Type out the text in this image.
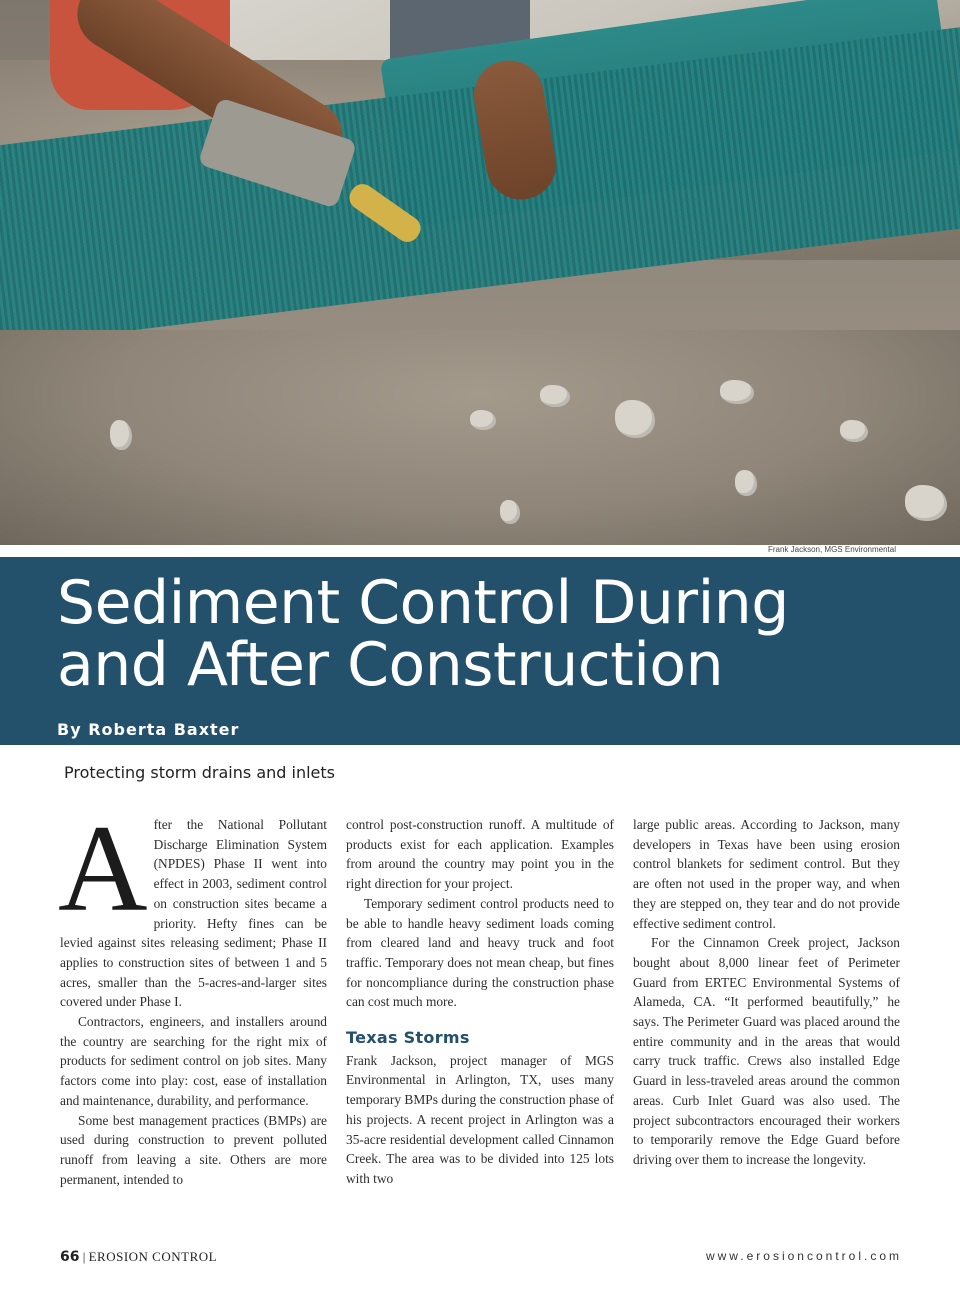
Frank Jackson, MGS Environmental
Sediment Control During
and After Construction
By Roberta Baxter
Protecting storm drains and inlets

After the National Pollutant Discharge Elimination System (NPDES) Phase II went into effect in 2003, sediment control on construction sites became a priority. Hefty fines can be levied against sites releasing sediment; Phase II applies to construction sites of between 1 and 5 acres, smaller than the 5-acres-and-larger sites covered under Phase I.

Contractors, engineers, and installers around the country are searching for the right mix of products for sediment control on job sites. Many factors come into play: cost, ease of installation and maintenance, durability, and performance.

Some best management practices (BMPs) are used during construction to prevent polluted runoff from leaving a site. Others are more permanent, intended to

control post-construction runoff. A multitude of products exist for each application. Examples from around the country may point you in the right direction for your project.

Temporary sediment control products need to be able to handle heavy sediment loads coming from cleared land and heavy truck and foot traffic. Temporary does not mean cheap, but fines for noncompliance during the construction phase can cost much more.

Texas Storms

Frank Jackson, project manager of MGS Environmental in Arlington, TX, uses many temporary BMPs during the construction phase of his projects. A recent project in Arlington was a 35-acre residential development called Cinnamon Creek. The area was to be divided into 125 lots with two

large public areas. According to Jackson, many developers in Texas have been using erosion control blankets for sediment control. But they are often not used in the proper way, and when they are stepped on, they tear and do not provide effective sediment control.

For the Cinnamon Creek project, Jackson bought about 8,000 linear feet of Perimeter Guard from ERTEC Environmental Systems of Alameda, CA. “It performed beautifully,” he says. The Perimeter Guard was placed around the entire community and in the areas that would carry truck traffic. Crews also installed Edge Guard in less-traveled areas around the common areas. Curb Inlet Guard was also used. The project subcontractors encouraged their workers to temporarily remove the Edge Guard before driving over them to increase the longevity.

66 | EROSION CONTROL	www.erosioncontrol.com
